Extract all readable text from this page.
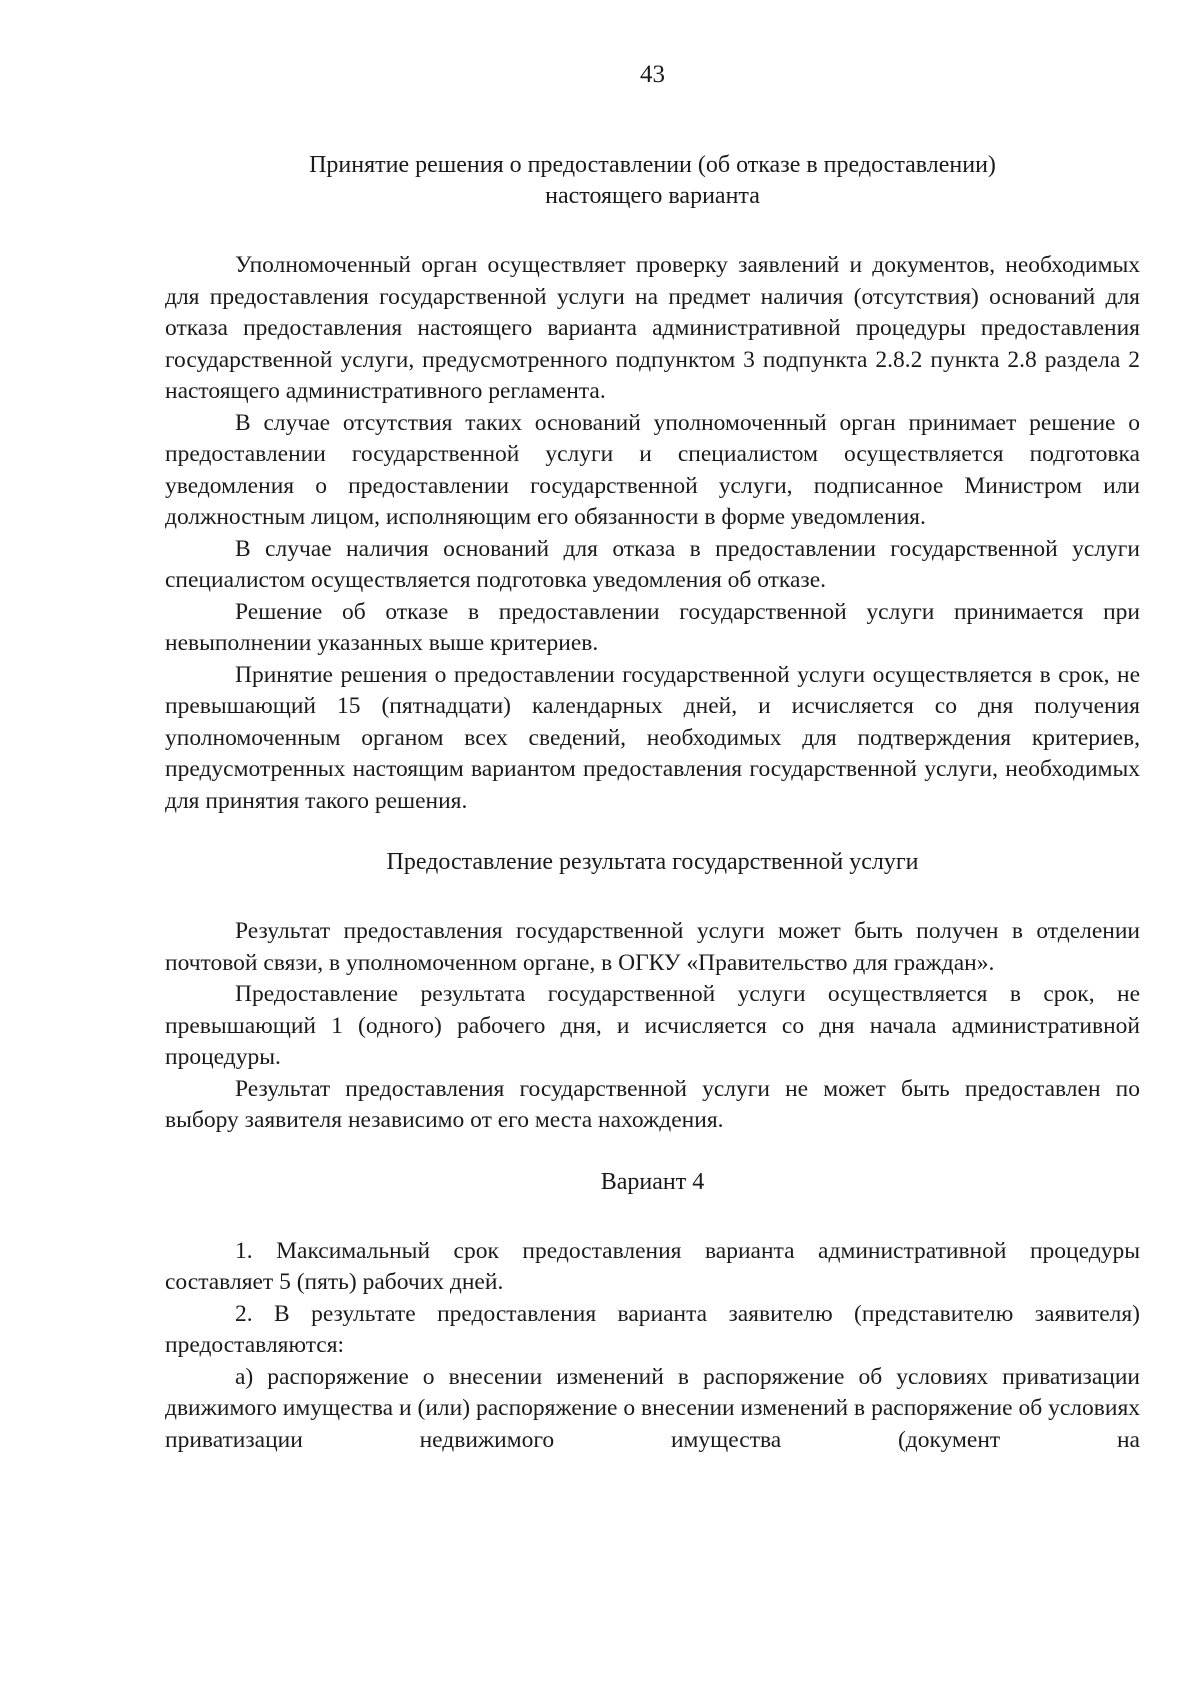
43
Принятие решения о предоставлении (об отказе в предоставлении)
настоящего варианта

Уполномоченный орган осуществляет проверку заявлений и документов, необходимых для предоставления государственной услуги на предмет наличия (отсутствия) оснований для отказа предоставления настоящего варианта административной процедуры предоставления государственной услуги, предусмотренного подпунктом 3 подпункта 2.8.2 пункта 2.8 раздела 2 настоящего административного регламента.

В случае отсутствия таких оснований уполномоченный орган принимает решение о предоставлении государственной услуги и специалистом осуществляется подготовка уведомления о предоставлении государственной услуги, подписанное Министром или должностным лицом, исполняющим его обязанности в форме уведомления.

В случае наличия оснований для отказа в предоставлении государственной услуги специалистом осуществляется подготовка уведомления об отказе.

Решение об отказе в предоставлении государственной услуги принимается при невыполнении указанных выше критериев.

Принятие решения о предоставлении государственной услуги осуществляется в срок, не превышающий 15 (пятнадцати) календарных дней, и исчисляется со дня получения уполномоченным органом всех сведений, необходимых для подтверждения критериев, предусмотренных настоящим вариантом предоставления государственной услуги, необходимых для принятия такого решения.

Предоставление результата государственной услуги

Результат предоставления государственной услуги может быть получен в отделении почтовой связи, в уполномоченном органе, в ОГКУ «Правительство для граждан».

Предоставление результата государственной услуги осуществляется в срок, не превышающий 1 (одного) рабочего дня, и исчисляется со дня начала административной процедуры.

Результат предоставления государственной услуги не может быть предоставлен по выбору заявителя независимо от его места нахождения.

Вариант 4

1. Максимальный срок предоставления варианта административной процедуры составляет 5 (пять) рабочих дней.

2. В результате предоставления варианта заявителю (представителю заявителя) предоставляются:

а) распоряжение о внесении изменений в распоряжение об условиях приватизации движимого имущества и (или) распоряжение о внесении изменений в распоряжение об условиях приватизации недвижимого имущества (документ на
